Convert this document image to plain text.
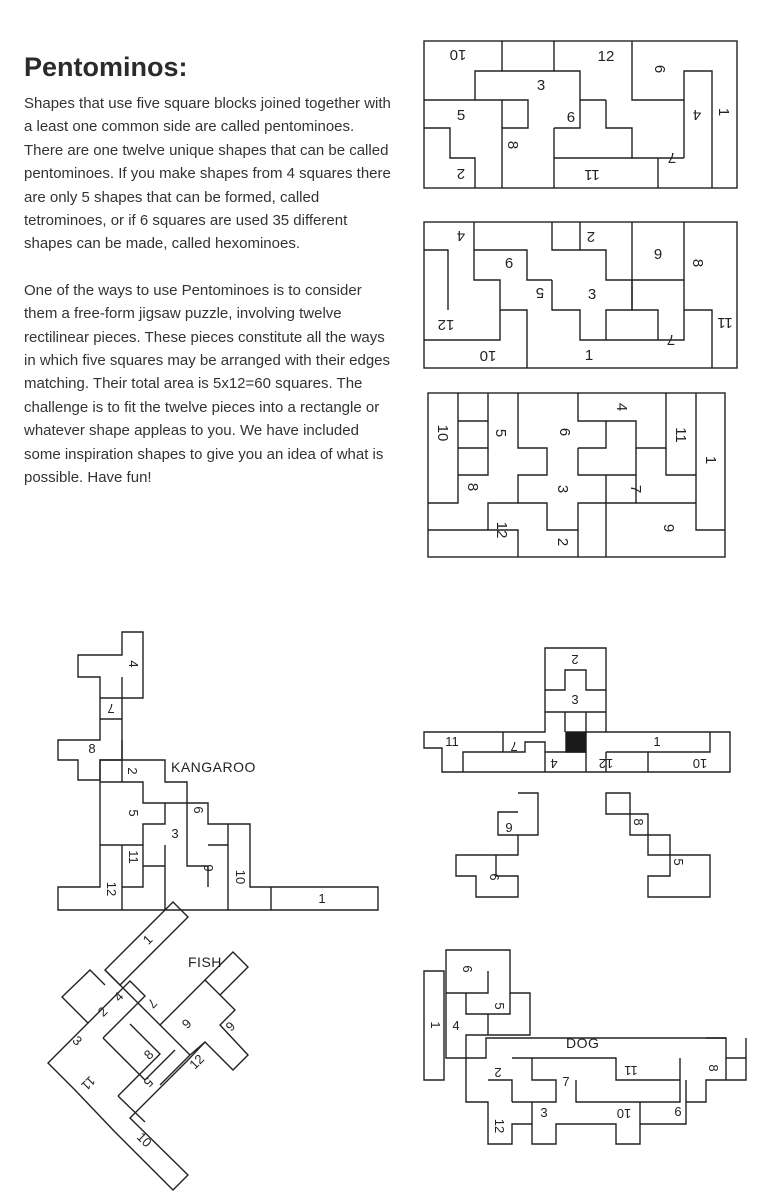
Pentominos:

Shapes that use five square blocks joined together with a least one common side are called pentominoes. There are one twelve unique shapes that can be called pentominoes. If you make shapes from 4 squares there are only 5 shapes that can be formed, called tetrominoes, or if 6 squares are used 35 different shapes can be made, called hexominoes.

One of the ways to use Pentominoes is to consider them a free-form jigsaw puzzle, involving twelve rectilinear pieces. These pieces constitute all the ways in which five squares may be arranged with their edges matching. Their total area is 5x12=60 squares. The challenge is to fit the twelve pieces into a rectangle or whatever shape appleas to you. We have included some inspiration shapes to give you an idea of what is possible. Have fun!

10	12
3
6
5	9	4 1
8
7
2	11
4	2
6
9 8
5	3
12	11
10	1
7
10	5	6
4
11
1
8	3	7
12
2
9
4
7
8
2
6
5
3
11
9
10
12
1
2
3
11	7
4	12
1
10
9
6
8
5
1
2
4 7
9 6
3
8 12
11	5
10
6
5
1 4
2
7
11	8
3	10	9
12
KANGAROO
FISH
DOG
